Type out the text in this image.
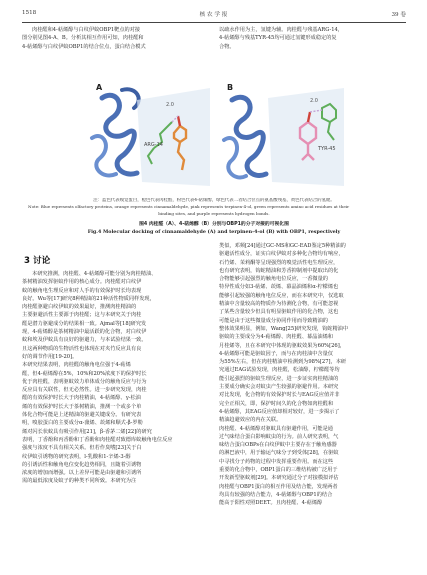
1518	核 农 学 报	39 卷
肉桂醛和4-萜烯醇与白纹伊蚊OBP1靶点的对接
图分别见图4-A、B。分析其相互作用可知，肉桂醛和
4-萜烯醇与白纹伊蚊OBP1的结合位点，蛋白结合模式
以疏水作用为主，氢键为辅。肉桂醛与残基ARG-14，
4-萜烯醇与残基TYR-45均可通过氢键形成稳定的复
合物。
2.0
ARG-14
A
2.0
TYR-45
B
注：蓝色代表嗅觉蛋白，橙色代表肉桂醛，粉色代表4-萜烯醇，绿色代表二者结合位点的氨基酸残基，黄色代表结合的氢键。
Note: Blue represents olfactory proteins, orange represents cinnamaldehyde, pink represents terpinen-4-ol, green represents amino acid residues at their
binding sites, and purple represents hydrogen bonds.
图4 肉桂醛（A）、4-萜烯醇（B）分别与OBP1的分子对接的可视化图
Fig.4 Molecular docking of cinnamaldehyde (A) and terpinen-4-ol (B) with OBP1, respectively
3 讨论
本研究推测，肉桂醛、4-萜烯醇可能分别为肉桂精油、
茶树精油发挥驱蚊作用的核心成分。肉桂醛对白纹伊
蚊的触角电生理反应和对人手的有效保护时长均表现
良好。Wu等[17]研究8种精油的21种活性物质同样发现，
肉桂醛驱避白纹伊蚊的效果最好，推测肉桂精油的
主要驱避活性主要源于肉桂醛；这与本研究关于肉桂
醛是潜力驱避成分的结果相一致。Ajmal等[18]研究发
现，4-萜烯醇是茶树精油中最活跃的化合物，对白纹伊
蚊和埃及伊蚊具有良好的驱避力，与本试验结果一致。
且这两种物质的生物活性也体现在对夹竹反应具有良
好的调节作用[19-20]。
本研究结果表明，肉桂醛的触角电位强于4-萜烯
醛，但4-萜烯醇在5%，10%和20%浓度下的保护时长
优于肉桂醛，表明驱蚊效力单体成分的触角反应与行为
反应具有关联性，但无必然性。进一步研究发现，肉桂
醛的有效保护时长大于肉桂精油，4-萜烯醇、γ-松油
烯的有效保护时长大于茶树精油，推测一个或多个单
体化合物可能是上述精油的驱避关键成分。有研究表
明，嗅胶蛋白的主要成分α-蒎烯、莰烯和顺式-β-罗勒
烯对闪长状蚊具有吸引作用[21]，β-香茅二烯[22]的研究
表明，丁香酚和丙香酚和丁香酚和肉桂醛对致德库蚊触角电位反应
强度与浓度不具有相关关系。但若作臭嗜[23]关于白
纹伊蚊引诱物的研究表明，l-乳酸和1-辛烯-3-醇
的引诱活性和触角电位变化趋势相同，且随着引诱物
浓度的增加而增强。以上差异可能是由驱避和引诱所
需的最低浓度及蚊子的种类不同所致。本研究为注
类似，邓频[24]通过GC-MS和GC-EAD鉴定5种精油的
驱避活性成分，证实白纹伊蚊对多种化合物均有响应，
石竹烯、茉莉酮等呈现强烈的嗅觉活性电生理反应，
也有研究表明，钩蛇精油和芳香抑制剂中提取出的化
合物能够引起强烈的触角电位反应，一香微量的
特异性成分如3-萜烯、莰烯、幕晶油烯和α-柠檬烯也
能够引起较强的触角电位反应，而在本研究中，仅选取
精油中含量较高的物质作为待测化合物，有可能忽视
了某些含量较少但具有明显驱蚊作用的化合物，这也
可能是由于这些微量成分协同作用而导致精油的
整体效果明显，例如，Wang[25]研究发现，钩蛇精油中
驱蚊的主要成分为4-萜烯醇、肉桂醛、幕晶油烯和
月桂烯等，且在本研究中体现的驱蚊效果为60%[26]，
4-萜烯醇可能是驱蚊因子，而与在肉桂油中含量仅
为55%左右，但在肉桂精油中检测到为98%[27]，本研
究通过EAG试验发现，肉桂醛，松油醇，柠檬醛等均
能引起强烈的驱蚊生理反应，进一步证实肉桂精油的
主要成分确实会对蚊虫产生较强的驱避作用。本研究
对比发现，化合物的有效保护时长与EAG反应值并非
完全正相关，即，保护时间久的化合物如肉桂醛和
4-萜烯醇，其EAG反应值却相对较好，进一步揭示了
精油趋避效应的内在关联。
肉桂醛、4-萜烯醇对驱蚊具有驱避作用，可能是通
过气味结合蛋白影响蚊虫的行为。前人研究表明，气
味结合蛋白OBPs在白纹伊蚊中主要存在于触角感器
的淋巴液中，用于输运气味分子到受体[28]，在驱蚊
中寻找分子药物的过程中发挥重要作用。而在这些
重要的化合物中，OBP1蛋白的三维结构被广泛用于
开发新型驱蚊剂[29]。本研究通过分子对接模拟评估
肉桂醛与OBP1蛋白的相互作用及结合能，发现两者
均具有较强的结合能力，4-萜烯醇与OBP1的结合
能高于阳性对照DEET。且肉桂醛、4-萜烯醇
